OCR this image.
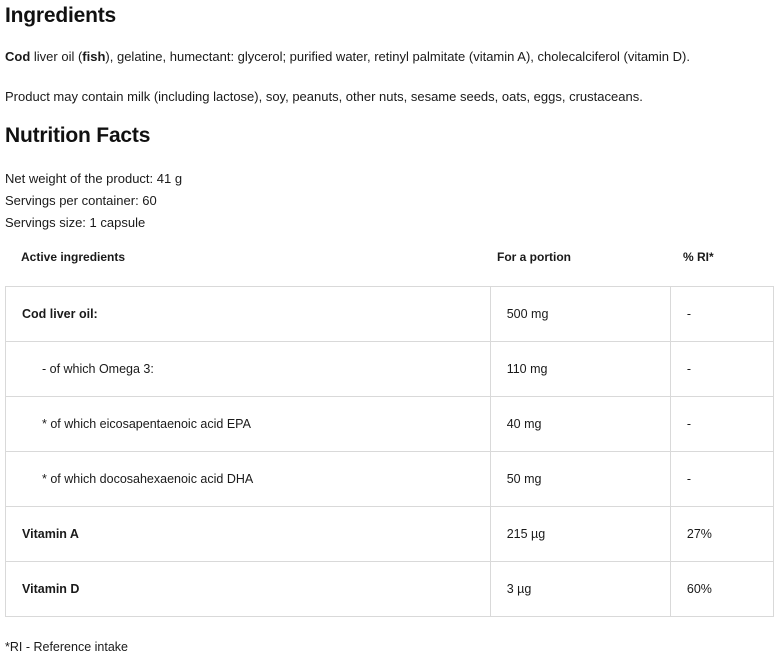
Ingredients
Cod liver oil (fish), gelatine, humectant: glycerol; purified water, retinyl palmitate (vitamin A), cholecalciferol (vitamin D).
Product may contain milk (including lactose), soy, peanuts, other nuts, sesame seeds, oats, eggs, crustaceans.
Nutrition Facts
Net weight of the product: 41 g
Servings per container: 60
Servings size: 1 capsule
Active ingredients	For a portion	% RI*
Cod liver oil:	500 mg	-
- of which Omega 3:	110 mg	-
* of which eicosapentaenoic acid EPA	40 mg	-
* of which docosahexaenoic acid DHA	50 mg	-
Vitamin A	215 µg	27%
Vitamin D	3 µg	60%
*RI - Reference intake
